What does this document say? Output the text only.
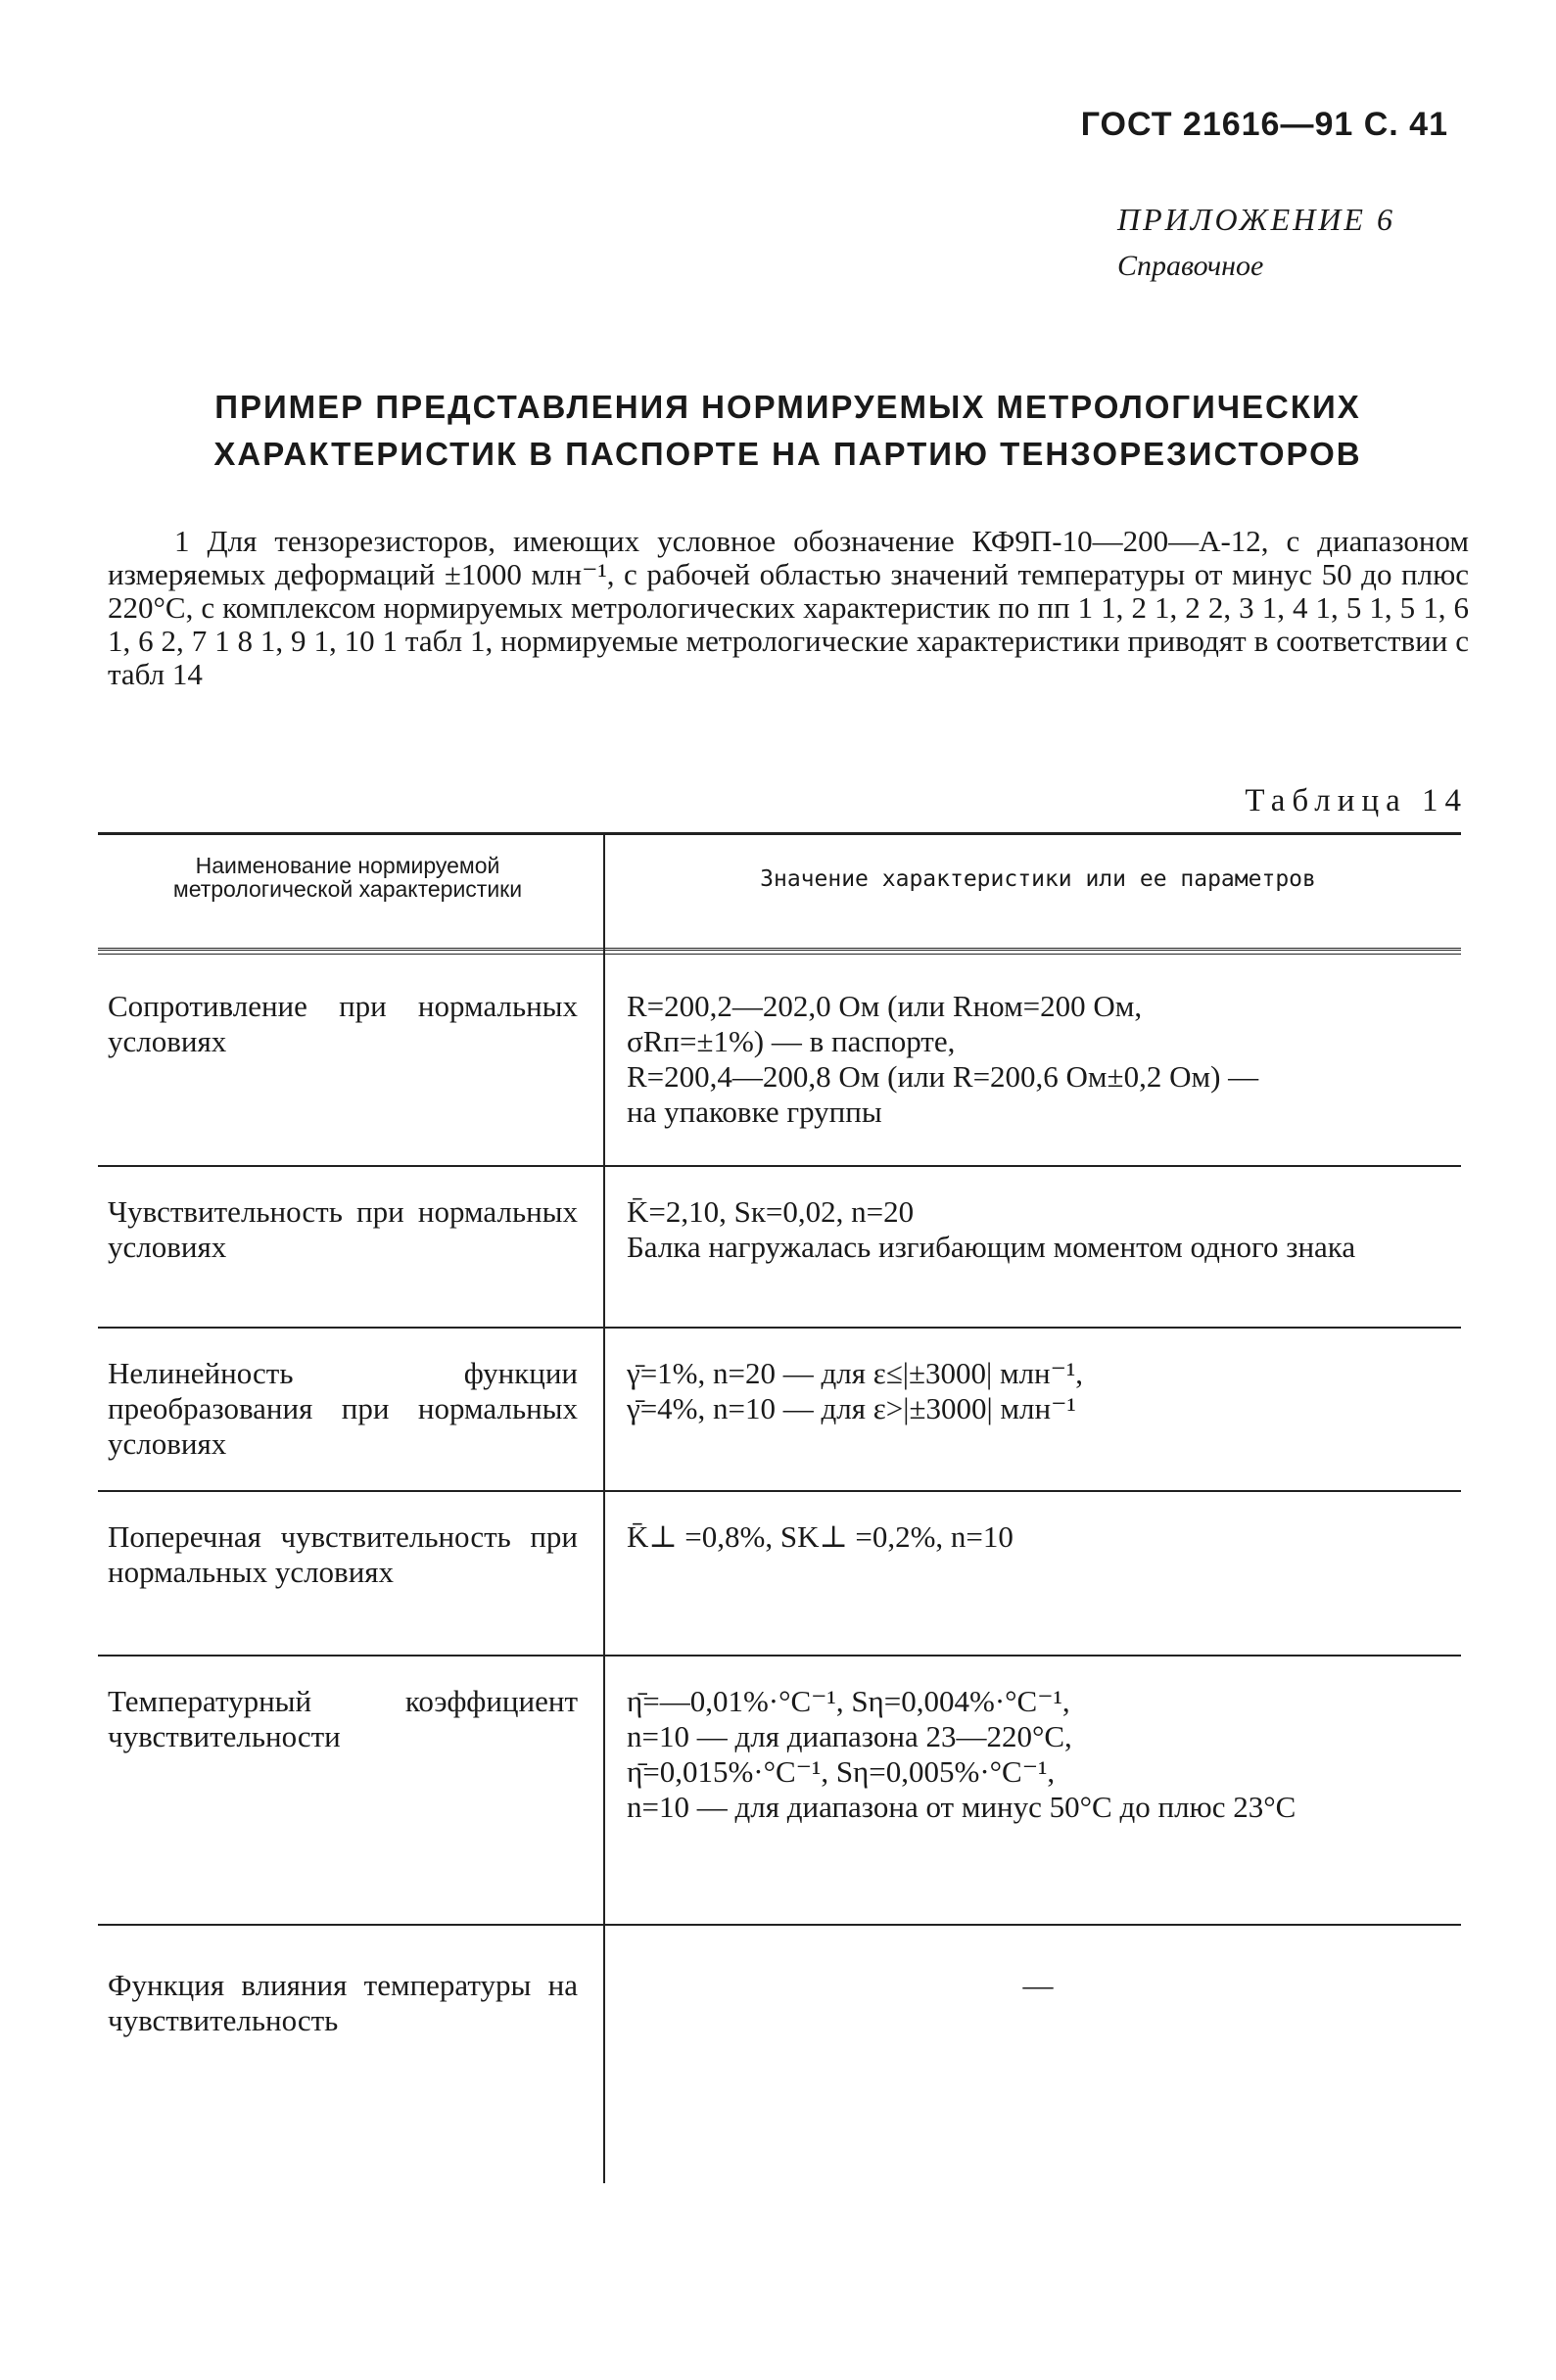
ГОСТ 21616—91 С. 41
ПРИЛОЖЕНИЕ 6
Справочное
ПРИМЕР ПРЕДСТАВЛЕНИЯ НОРМИРУЕМЫХ МЕТРОЛОГИЧЕСКИХ
ХАРАКТЕРИСТИК В ПАСПОРТЕ НА ПАРТИЮ ТЕНЗОРЕЗИСТОРОВ
1 Для тензорезисторов, имеющих условное обозначение КФ9П-10—200—А-12, с диапазоном измеряемых деформаций ±1000 млн⁻¹, с рабочей областью значений температуры от минус 50 до плюс 220°С, с комплексом нормируемых метрологических характеристик по пп 1 1, 2 1, 2 2, 3 1, 4 1, 5 1, 5 1, 6 1, 6 2, 7 1 8 1, 9 1, 10 1 табл 1, нормируемые метрологические характеристики приводят в соответствии с табл 14
Таблица 14
Наименование нормируемой метрологической характеристики	Значение характеристики или ее параметров
Сопротивление при нормальных условиях
R=200,2—202,0 Ом (или Rном=200 Ом,
σRп=±1%) — в паспорте,
R=200,4—200,8 Ом (или R=200,6 Ом±0,2 Ом) —
на упаковке группы
Чувствительность при нормальных условиях
K̄=2,10, Sк=0,02, n=20
Балка нагружалась изгибающим моментом одного знака
Нелинейность функции преобразования при нормальных условиях
γ̄=1%, n=20 — для ε≤|±3000| млн⁻¹,
γ̄=4%, n=10 — для ε>|±3000| млн⁻¹
Поперечная чувствительность при нормальных условиях
K̄⊥ =0,8%, SK⊥ =0,2%, n=10
Температурный коэффициент чувствительности
η̄=—0,01%·°С⁻¹, Sη=0,004%·°С⁻¹,
n=10 — для диапазона 23—220°С,
η̄=0,015%·°С⁻¹, Sη=0,005%·°С⁻¹,
n=10 — для диапазона от минус 50°С до плюс 23°С
Функция влияния температуры на чувствительность
—
